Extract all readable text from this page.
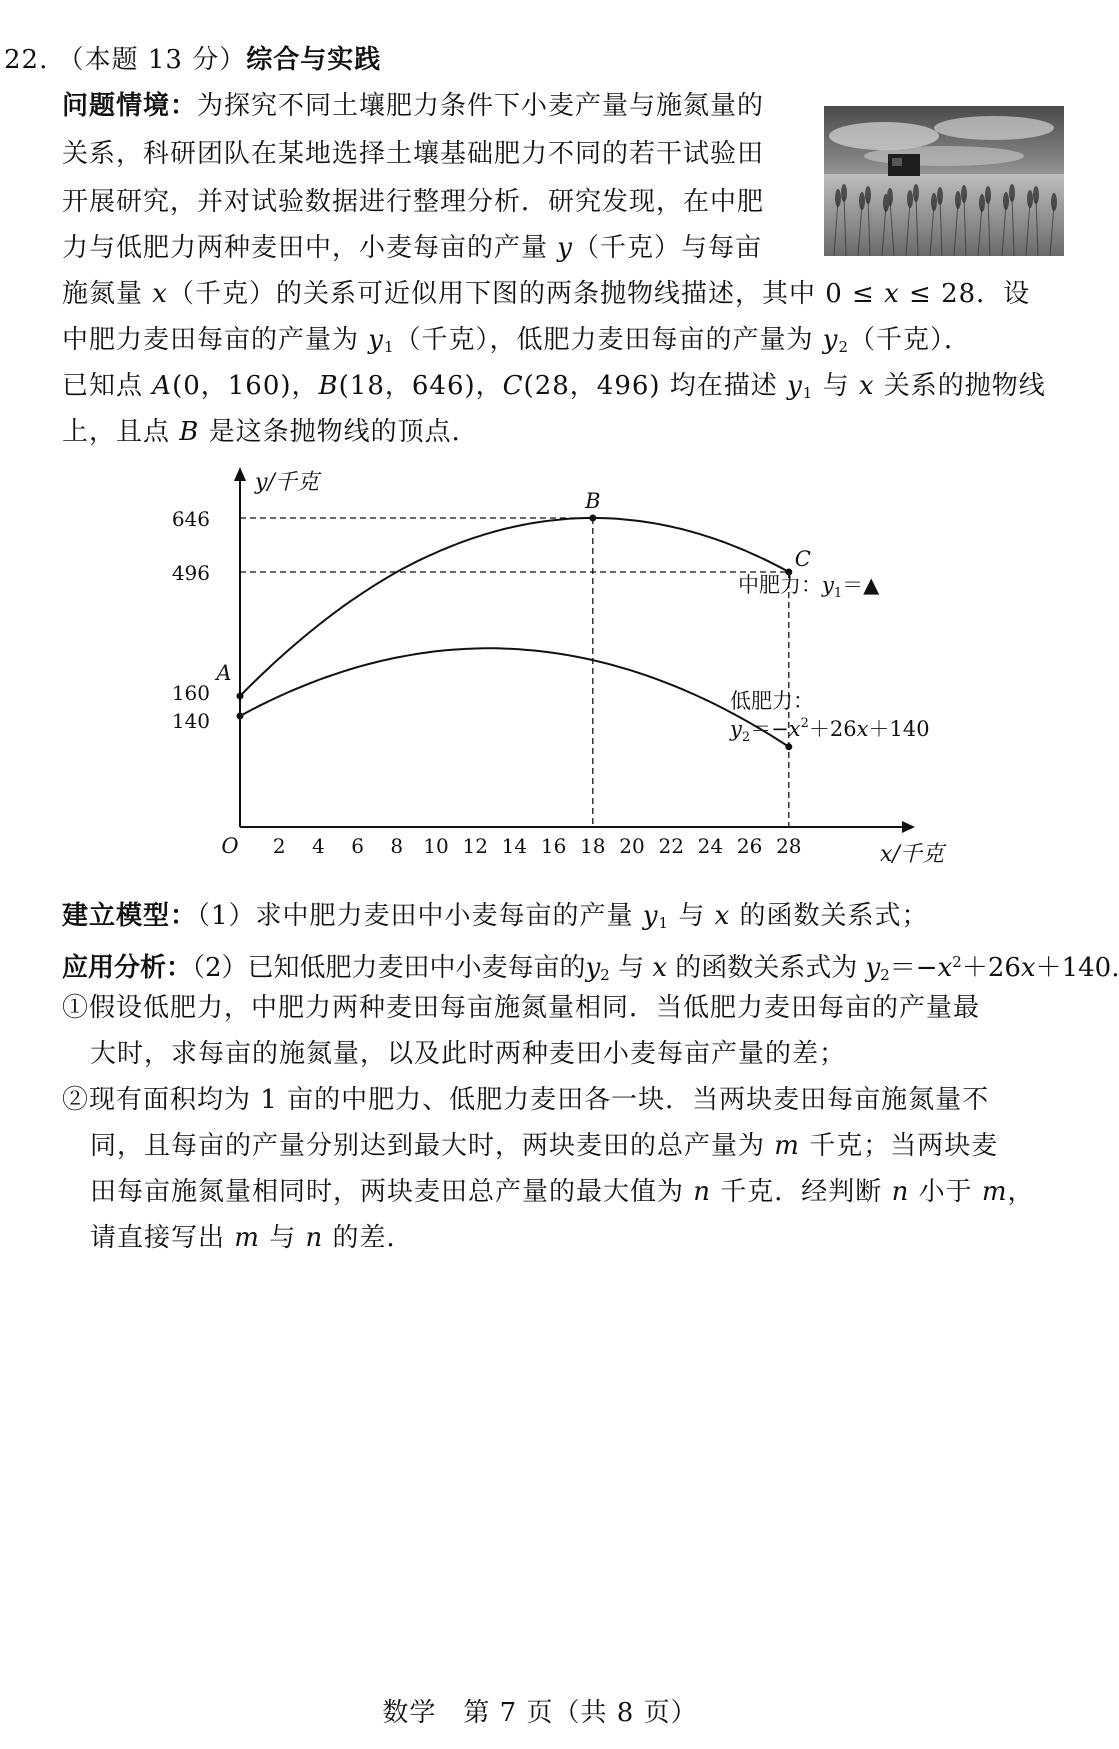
22. （本题 13 分）综合与实践
问题情境：为探究不同土壤肥力条件下小麦产量与施氮量的
关系，科研团队在某地选择土壤基础肥力不同的若干试验田
开展研究，并对试验数据进行整理分析．研究发现，在中肥
力与低肥力两种麦田中，小麦每亩的产量 y（千克）与每亩
施氮量 x（千克）的关系可近似用下图的两条抛物线描述，其中 0 ≤ x ≤ 28．设
中肥力麦田每亩的产量为 $y_1$（千克），低肥力麦田每亩的产量为 $y_2$（千克）．
已知点 A(0，160)，B(18，646)，C(28，496) 均在描述 $y_1$ 与 x 关系的抛物线
上，且点 B 是这条抛物线的顶点．
y/千克
x/千克
O 2 4 6 8 10 12 14 16 18 20 22 24 26 28
140
160
496
646
A
B
C
中肥力：$y_1=▲$
低肥力：
$y_2=-x^2+26x+140$
建立模型：（1）求中肥力麦田中小麦每亩的产量 $y_1$ 与 x 的函数关系式；
应用分析：（2）已知低肥力麦田中小麦每亩的$y_2$ 与 x 的函数关系式为 $y_2=-x^2+26x+140$.
①假设低肥力，中肥力两种麦田每亩施氮量相同．当低肥力麦田每亩的产量最
大时，求每亩的施氮量，以及此时两种麦田小麦每亩产量的差；
②现有面积均为 1 亩的中肥力、低肥力麦田各一块．当两块麦田每亩施氮量不
同，且每亩的产量分别达到最大时，两块麦田的总产量为 m 千克；当两块麦
田每亩施氮量相同时，两块麦田总产量的最大值为 n 千克．经判断 n 小于 m，
请直接写出 m 与 n 的差．
数学　第 7 页（共 8 页）
